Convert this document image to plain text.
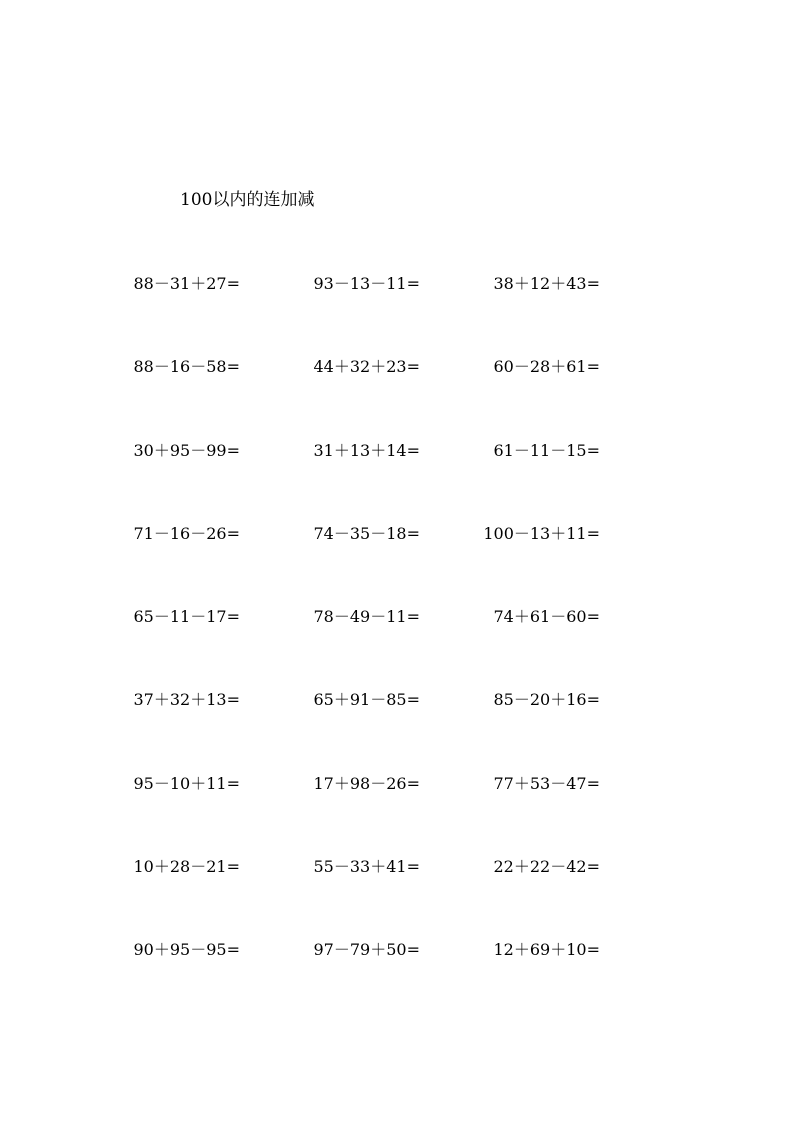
100以内的连加减
88－31＋27=	93－13－11=	38＋12＋43=
88－16－58=	44＋32＋23=	60－28＋61=
30＋95－99=	31＋13＋14=	61－11－15=
71－16－26=	74－35－18=	100－13＋11=
65－11－17=	78－49－11=	74＋61－60=
37＋32＋13=	65＋91－85=	85－20＋16=
95－10＋11=	17＋98－26=	77＋53－47=
10＋28－21=	55－33＋41=	22＋22－42=
90＋95－95=	97－79＋50=	12＋69＋10=
